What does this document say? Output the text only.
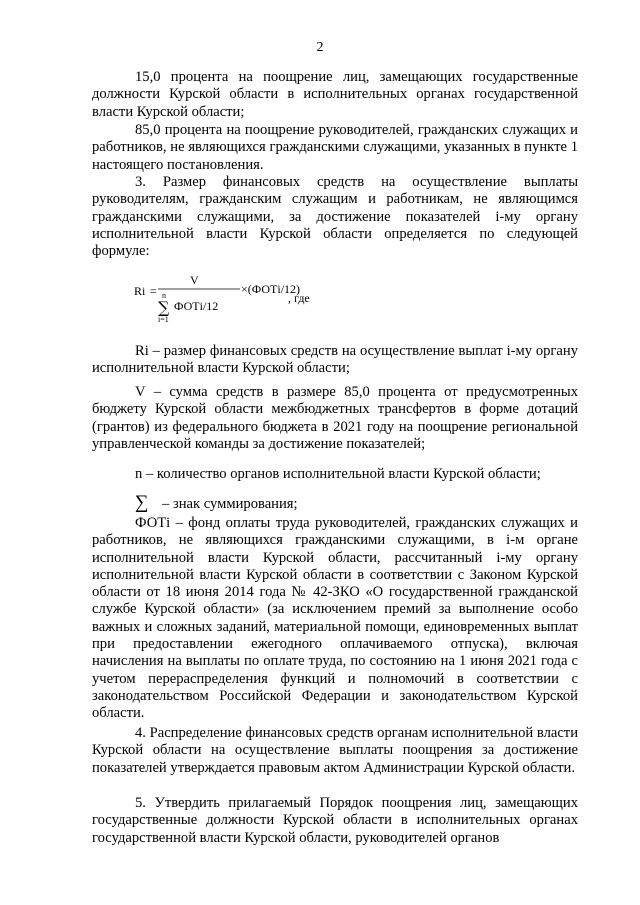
2

15,0 процента на поощрение лиц, замещающих государственные должности Курской области в исполнительных органах государственной власти Курской области;

85,0 процента на поощрение руководителей, гражданских служащих и работников, не являющихся гражданскими служащими, указанных в пункте 1 настоящего постановления.

3. Размер финансовых средств на осуществление выплаты руководителям, гражданским служащим и работникам, не являющимся гражданскими служащими, за достижение показателей i-му органу исполнительной власти Курской области определяется по следующей формуле:

Ri =
V
×(ФОТi/12)
n
∑
i=1
ФОТi/12
, где

Ri – размер финансовых средств на осуществление выплат i-му органу исполнительной власти Курской области;

V – сумма средств в размере 85,0 процента от предусмотренных бюджету Курской области межбюджетных трансфертов в форме дотаций (грантов) из федерального бюджета в 2021 году на поощрение региональной управленческой команды за достижение показателей;

n – количество органов исполнительной власти Курской области;

∑ – знак суммирования;

ФОТi – фонд оплаты труда руководителей, гражданских служащих и работников, не являющихся гражданскими служащими, в i-м органе исполнительной власти Курской области, рассчитанный i-му органу исполнительной власти Курской области в соответствии с Законом Курской области от 18 июня 2014 года № 42-ЗКО «О государственной гражданской службе Курской области» (за исключением премий за выполнение особо важных и сложных заданий, материальной помощи, единовременных выплат при предоставлении ежегодного оплачиваемого отпуска), включая начисления на выплаты по оплате труда, по состоянию на 1 июня 2021 года с учетом перераспределения функций и полномочий в соответствии с законодательством Российской Федерации и законодательством Курской области.

4. Распределение финансовых средств органам исполнительной власти Курской области на осуществление выплаты поощрения за достижение показателей утверждается правовым актом Администрации Курской области.

5. Утвердить прилагаемый Порядок поощрения лиц, замещающих государственные должности Курской области в исполнительных органах государственной власти Курской области, руководителей органов
